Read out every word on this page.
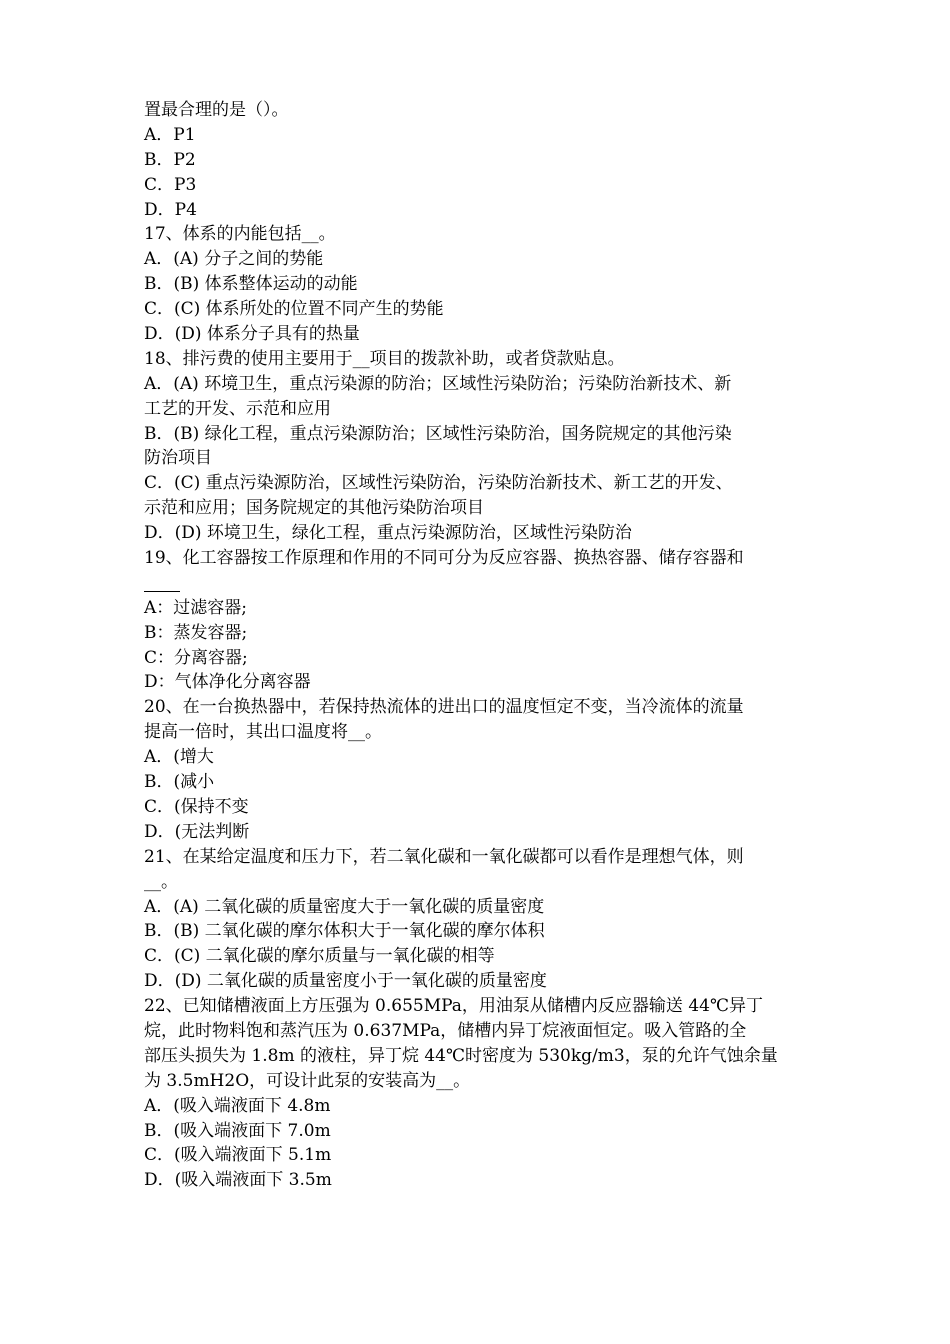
置最合理的是（）。
A．P1
B．P2
C．P3
D．P4
17、体系的内能包括__。
A．(A) 分子之间的势能
B．(B) 体系整体运动的动能
C．(C) 体系所处的位置不同产生的势能
D．(D) 体系分子具有的热量
18、排污费的使用主要用于__项目的拨款补助，或者贷款贴息。
A．(A) 环境卫生，重点污染源的防治；区域性污染防治；污染防治新技术、新
工艺的开发、示范和应用
B．(B) 绿化工程，重点污染源防治；区域性污染防治，国务院规定的其他污染
防治项目
C．(C) 重点污染源防治，区域性污染防治，污染防治新技术、新工艺的开发、
示范和应用；国务院规定的其他污染防治项目
D．(D) 环境卫生，绿化工程，重点污染源防治，区域性污染防治
19、化工容器按工作原理和作用的不同可分为反应容器、换热容器、储存容器和
A：过滤容器;
B：蒸发容器;
C：分离容器;
D：气体净化分离容器
20、在一台换热器中，若保持热流体的进出口的温度恒定不变，当冷流体的流量
提高一倍时，其出口温度将__。
A．(增大
B．(减小
C．(保持不变
D．(无法判断
21、在某给定温度和压力下，若二氧化碳和一氧化碳都可以看作是理想气体，则
__。
A．(A) 二氧化碳的质量密度大于一氧化碳的质量密度
B．(B) 二氧化碳的摩尔体积大于一氧化碳的摩尔体积
C．(C) 二氧化碳的摩尔质量与一氧化碳的相等
D．(D) 二氧化碳的质量密度小于一氧化碳的质量密度
22、已知储槽液面上方压强为 0.655MPa，用油泵从储槽内反应器输送 44℃异丁
烷，此时物料饱和蒸汽压为 0.637MPa，储槽内异丁烷液面恒定。吸入管路的全
部压头损失为 1.8m 的液柱，异丁烷 44℃时密度为 530kg/m3，泵的允许气蚀余量
为 3.5mH2O，可设计此泵的安装高为__。
A．(吸入端液面下 4.8m
B．(吸入端液面下 7.0m
C．(吸入端液面下 5.1m
D．(吸入端液面下 3.5m
